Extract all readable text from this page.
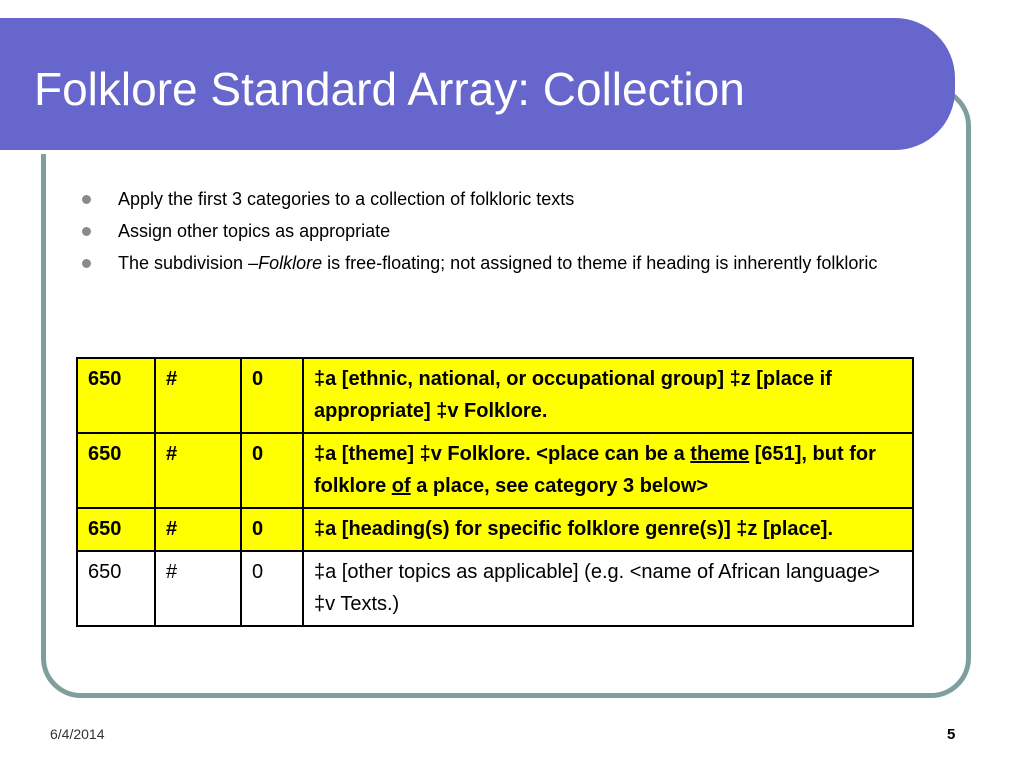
Folklore Standard Array: Collection
Apply the first 3 categories to a collection of folkloric texts
Assign other topics as appropriate
The subdivision –Folklore is free-floating; not assigned to theme if heading is inherently folkloric
650	#	0	‡a [ethnic, national, or occupational group] ‡z [place if appropriate] ‡v Folklore.
650	#	0	‡a [theme] ‡v Folklore. <place can be a theme [651], but for folklore of a place, see category 3 below>
650	#	0	‡a [heading(s) for specific folklore genre(s)] ‡z [place].
650	#	0	‡a [other topics as applicable] (e.g. <name of African language> ‡v Texts.)
6/4/2014	5
